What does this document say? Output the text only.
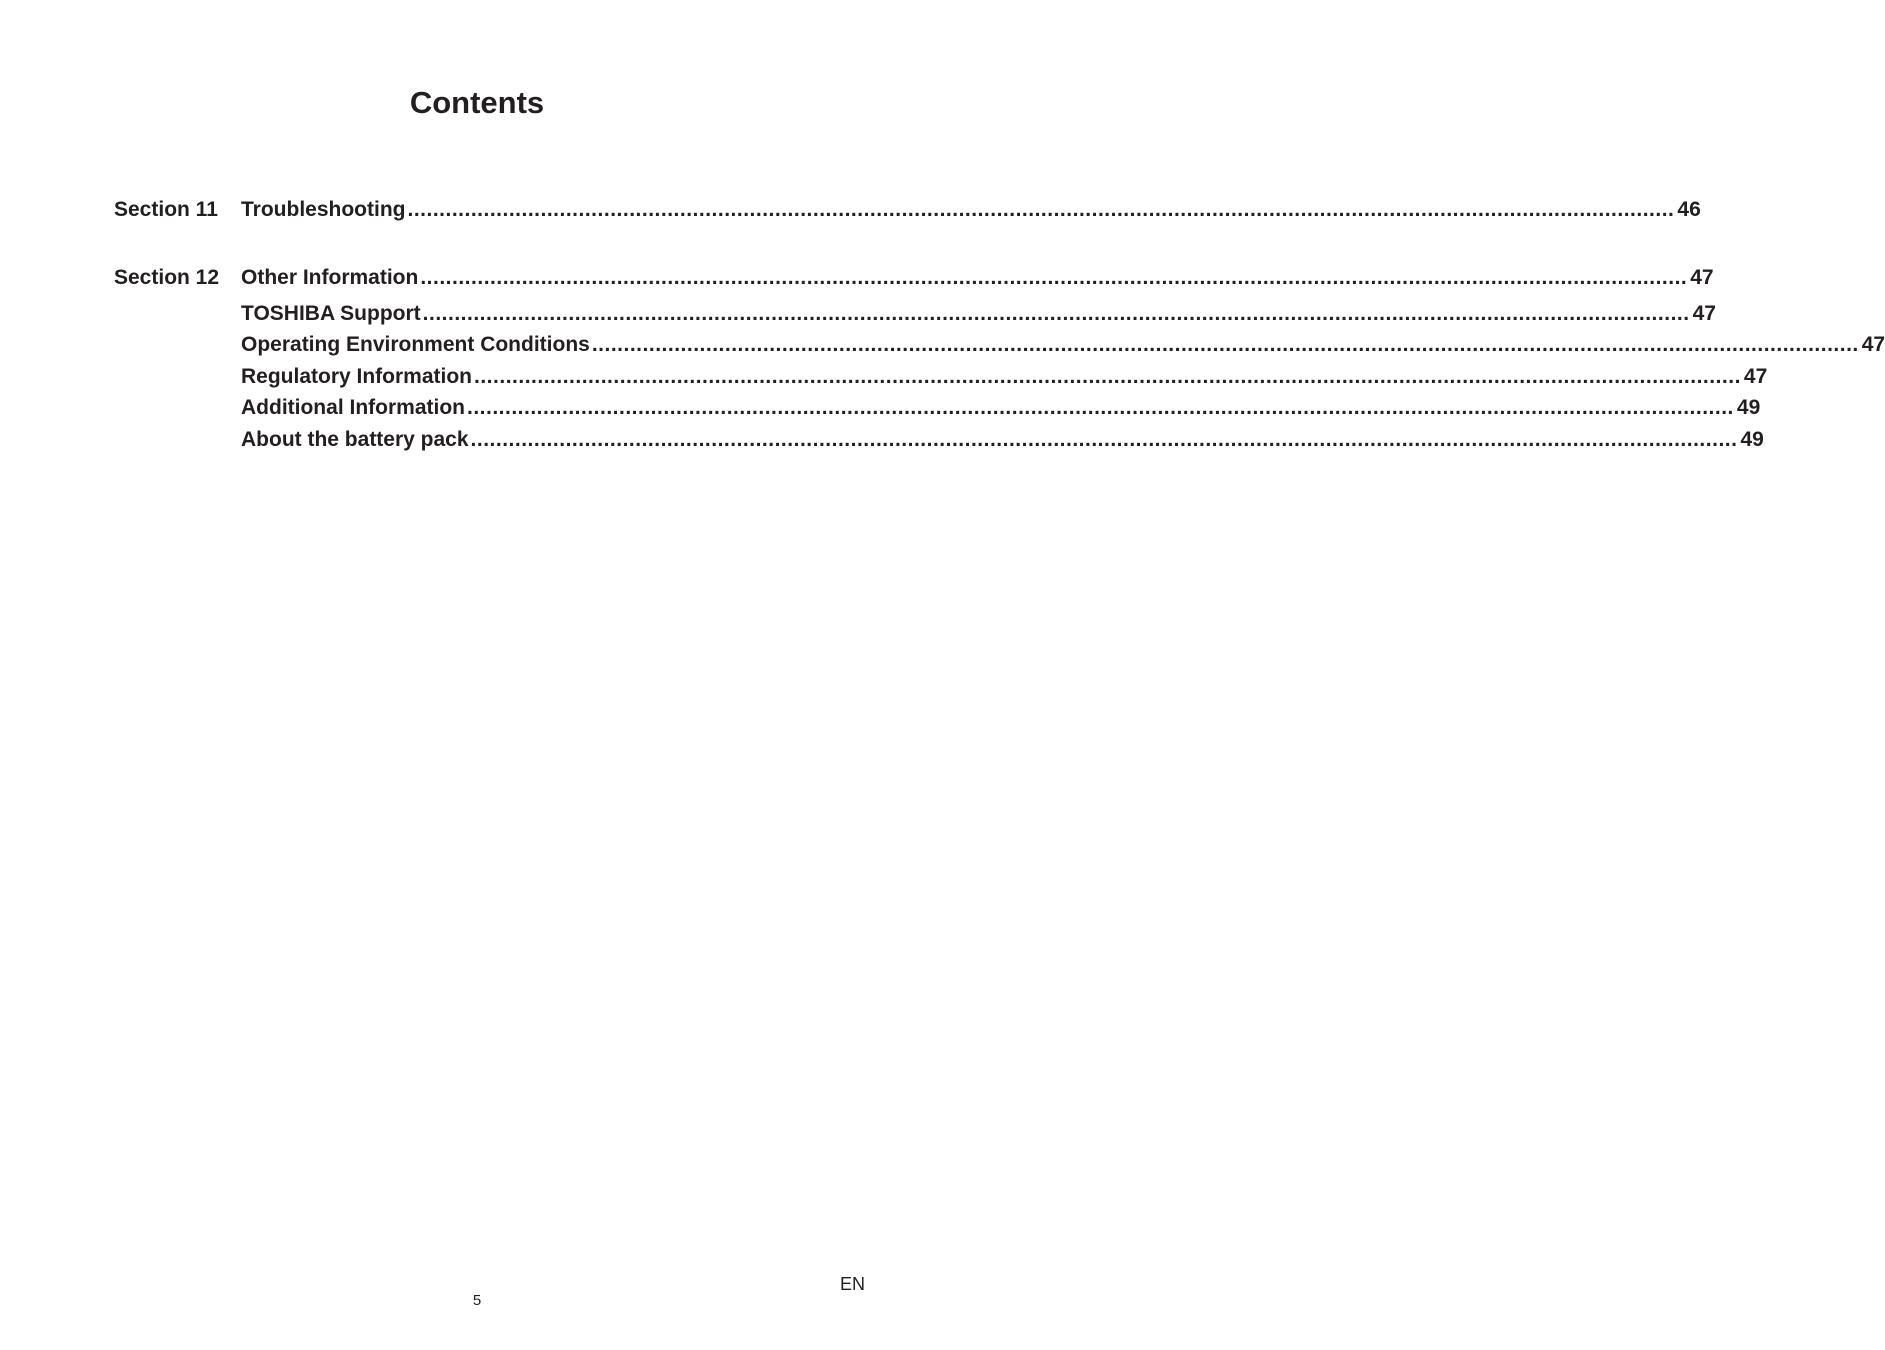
Contents
Section 11 Troubleshooting ........................................................................................................................................................................................................ 46
Section 12 Other Information ........................................................................................................................................................................................................ 47
TOSHIBA Support ........................................................................................................................................................................................................ 47
Operating Environment Conditions ........................................................................................................................................................................................................ 47
Regulatory Information ........................................................................................................................................................................................................ 47
Additional Information ........................................................................................................................................................................................................ 49
About the battery pack ........................................................................................................................................................................................................ 49
EN
5
